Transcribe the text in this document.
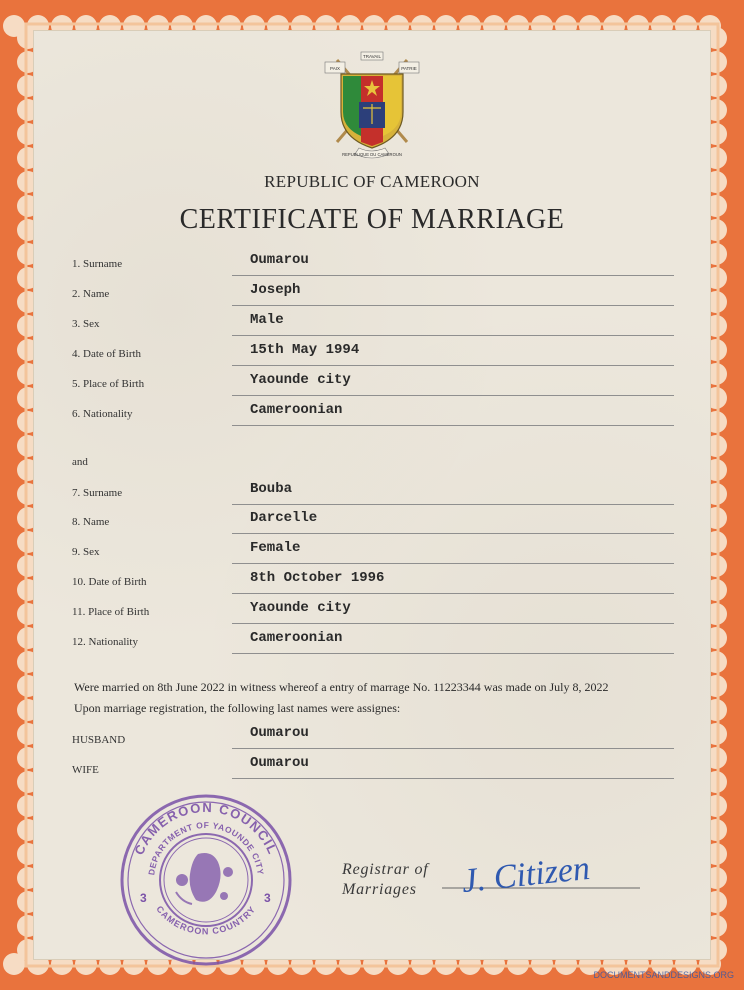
PAIX
TRAVAIL
PATRIE
REPUBLIQUE DU CAMEROUN
REPUBLIC OF CAMEROON
CERTIFICATE OF MARRIAGE
1. Surname	Oumarou
2. Name	Joseph
3. Sex	Male
4. Date of Birth	15th May 1994
5. Place of Birth	Yaounde city
6. Nationality	Cameroonian
and
7. Surname	Bouba
8. Name	Darcelle
9. Sex	Female
10. Date of Birth	8th October 1996
11. Place of Birth	Yaounde city
12. Nationality	Cameroonian
Were married on 8th June 2022 in witness whereof a entry of marrage No. 11223344 was made on July 8, 2022
Upon marriage registration, the following last names were assignes:
HUSBAND	Oumarou
WIFE	Oumarou
CAMEROON COUNCIL
DEPARTMENT OF YAOUNDE CITY
CAMEROON COUNTRY
3	3
Registrar of
Marriages	J. Citizen
DOCUMENTSANDDESIGNS.ORG
